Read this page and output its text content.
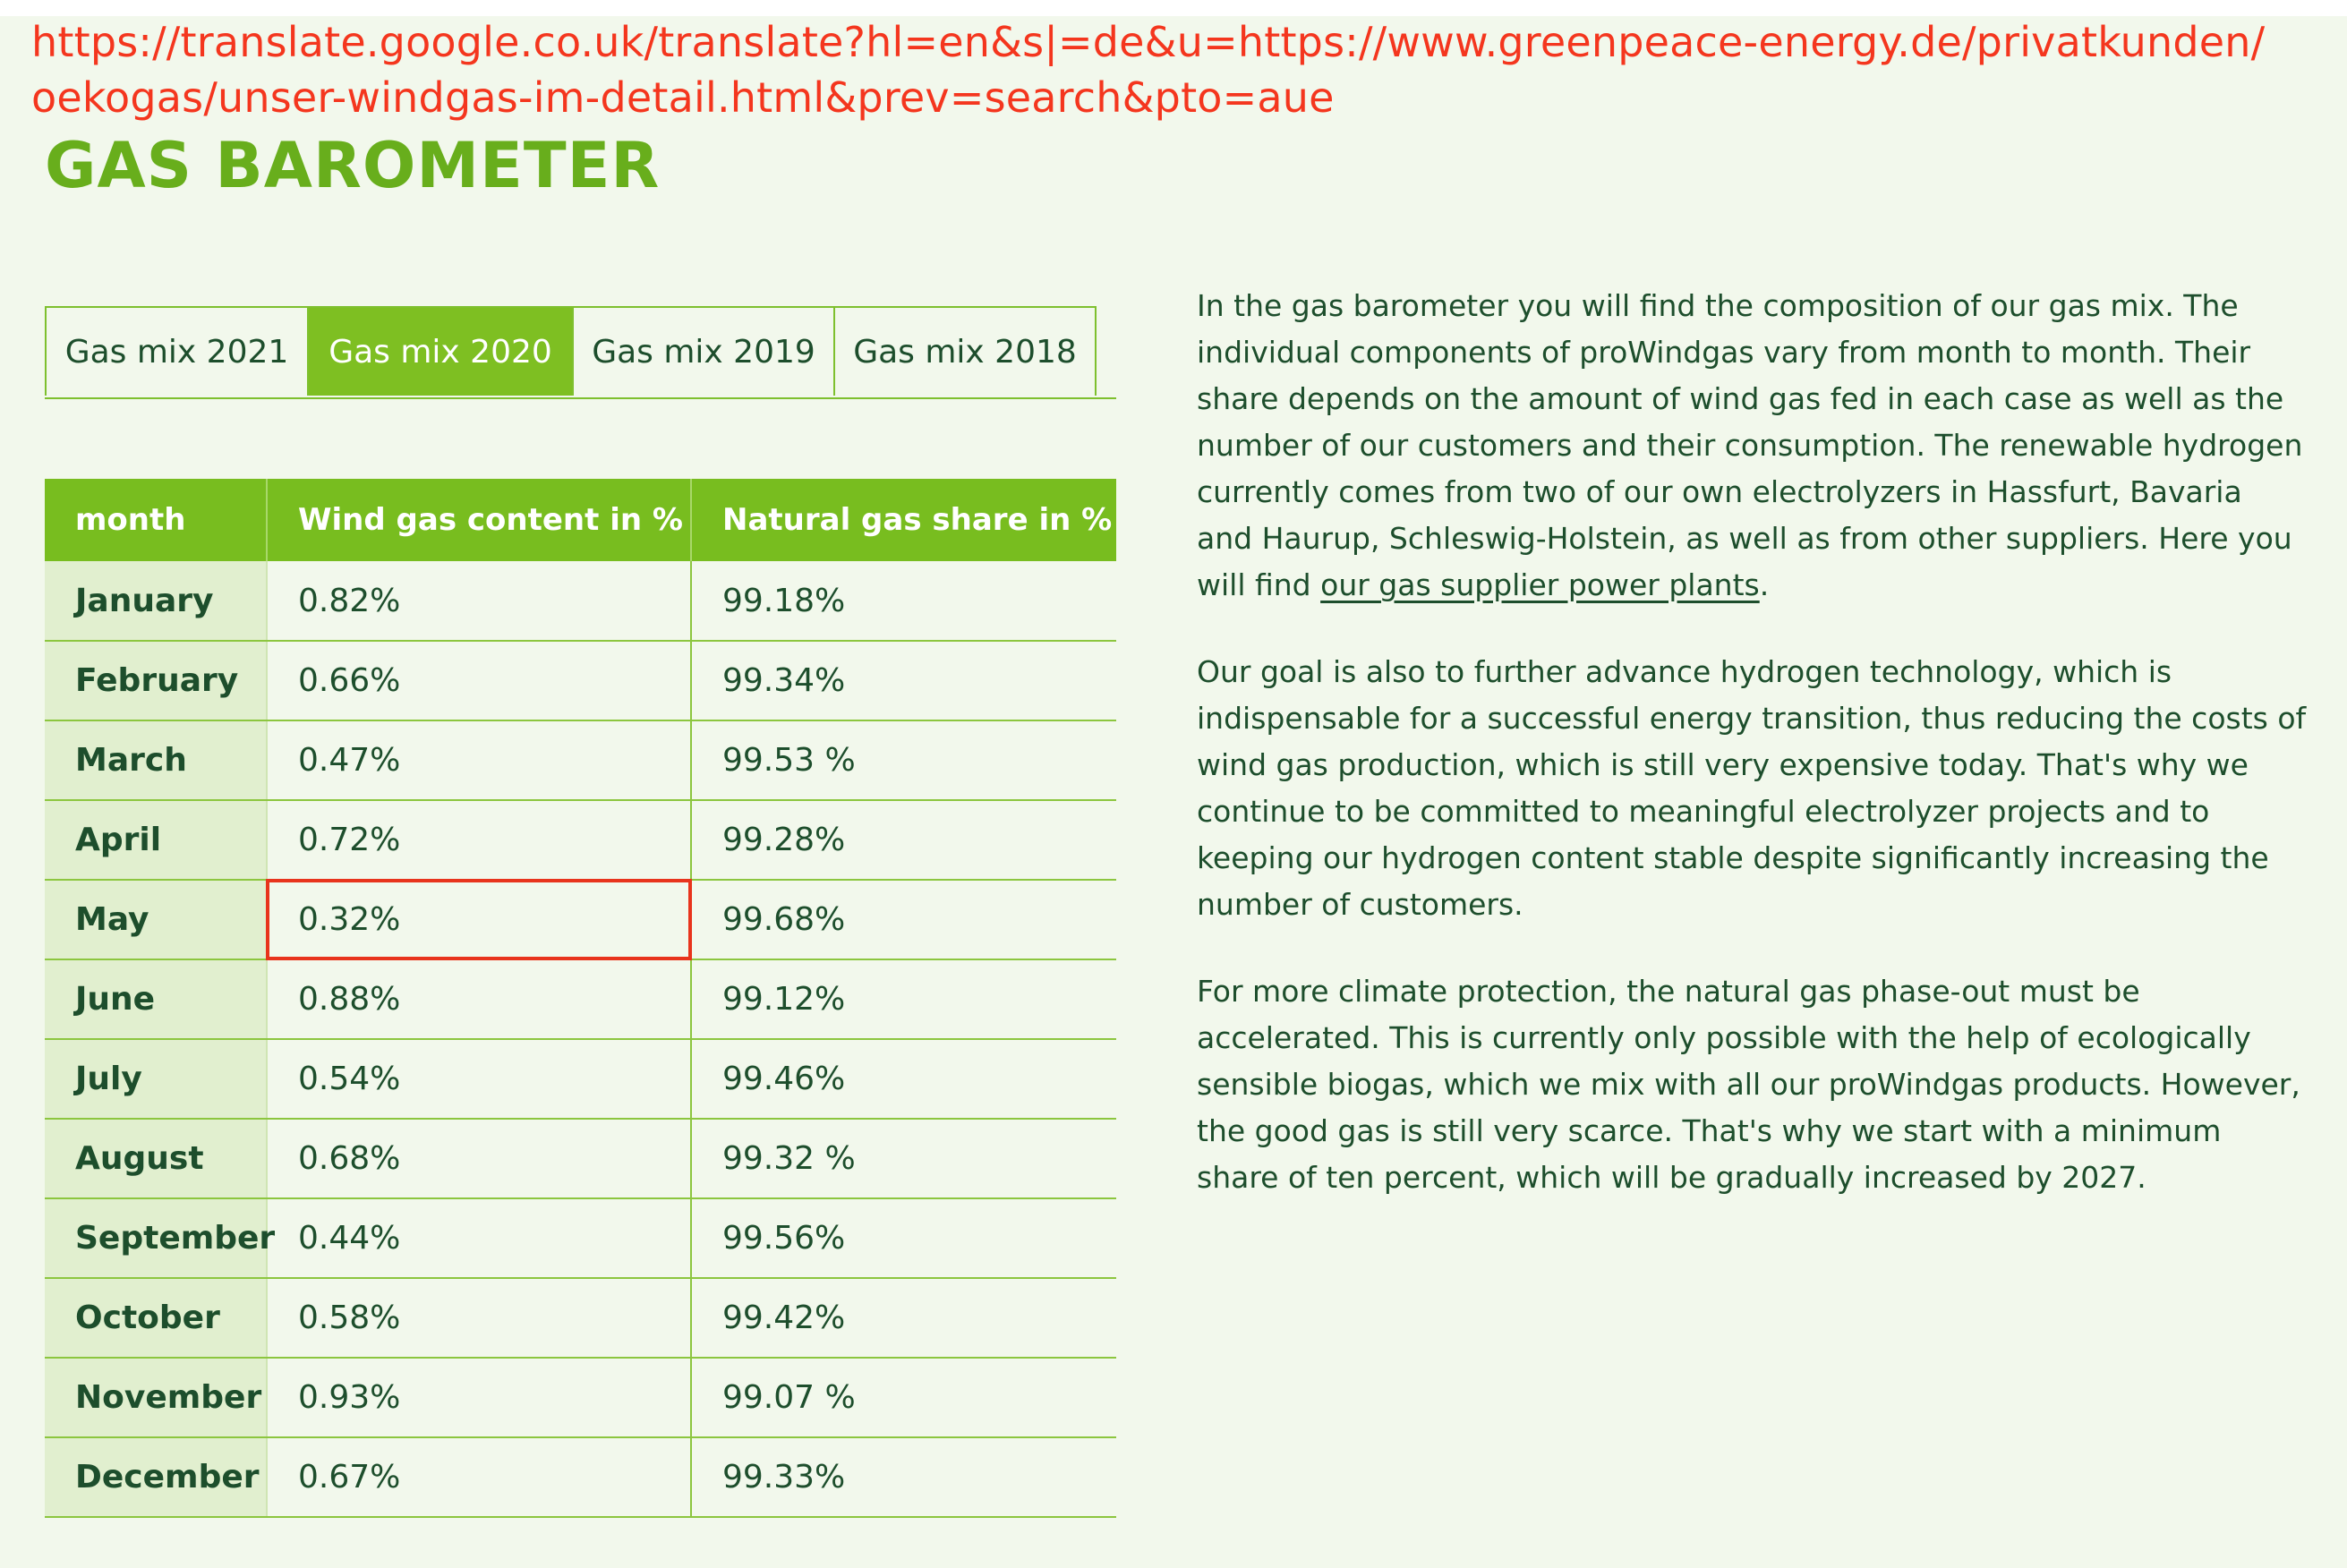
https://translate.google.co.uk/translate?hl=en&s|=de&u=https://www.greenpeace-energy.de/privatkunden/oekogas/unser-windgas-im-detail.html&prev=search&pto=aue
GAS BAROMETER
Gas mix 2021	Gas mix 2020	Gas mix 2019	Gas mix 2018
month	Wind gas content in %	Natural gas share in %
January	0.82%	99.18%
February	0.66%	99.34%
March	0.47%	99.53 %
April	0.72%	99.28%
May	0.32%	99.68%
June	0.88%	99.12%
July	0.54%	99.46%
August	0.68%	99.32 %
September	0.44%	99.56%
October	0.58%	99.42%
November	0.93%	99.07 %
December	0.67%	99.33%

In the gas barometer you will find the composition of our gas mix. The individual components of proWindgas vary from month to month. Their share depends on the amount of wind gas fed in each case as well as the number of our customers and their consumption. The renewable hydrogen currently comes from two of our own electrolyzers in Hassfurt, Bavaria and Haurup, Schleswig-Holstein, as well as from other suppliers. Here you will find our gas supplier power plants.

Our goal is also to further advance hydrogen technology, which is indispensable for a successful energy transition, thus reducing the costs of wind gas production, which is still very expensive today. That's why we continue to be committed to meaningful electrolyzer projects and to keeping our hydrogen content stable despite significantly increasing the number of customers.

For more climate protection, the natural gas phase-out must be accelerated. This is currently only possible with the help of ecologically sensible biogas, which we mix with all our proWindgas products. However, the good gas is still very scarce. That's why we start with a minimum share of ten percent, which will be gradually increased by 2027.
